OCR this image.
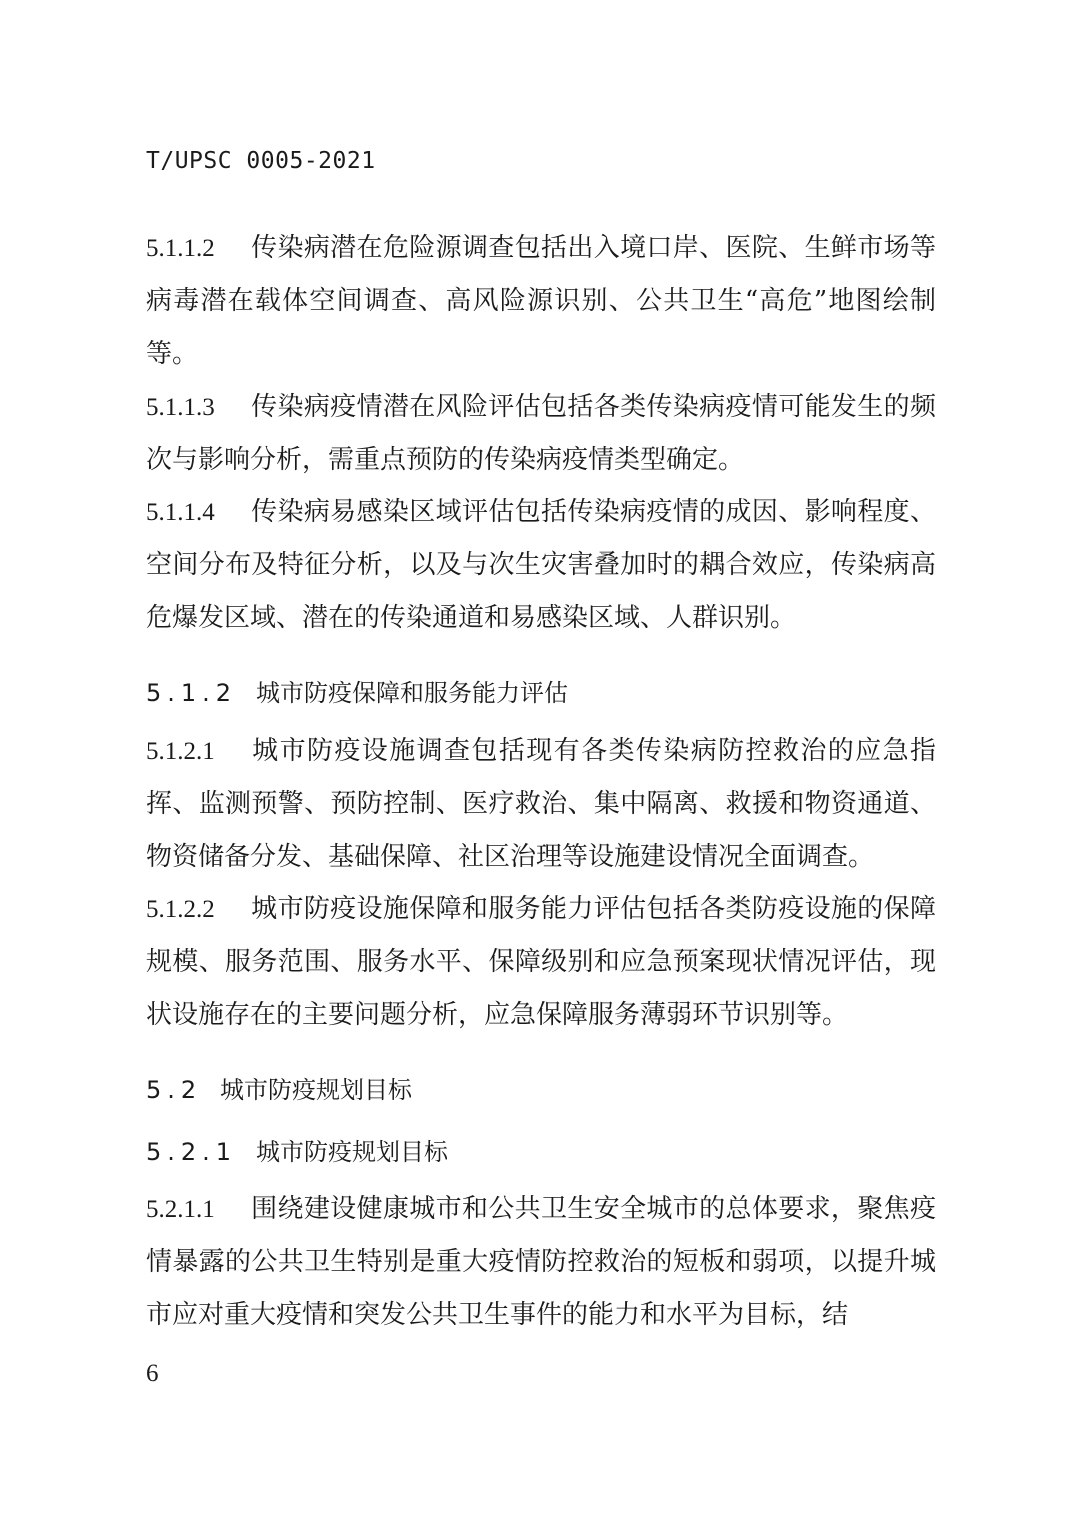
T/UPSC 0005-2021
5.1.1.2 传染病潜在危险源调查包括出入境口岸、医院、生鲜市场等病毒潜在载体空间调查、高风险源识别、公共卫生“高危”地图绘制等。
5.1.1.3 传染病疫情潜在风险评估包括各类传染病疫情可能发生的频次与影响分析，需重点预防的传染病疫情类型确定。
5.1.1.4 传染病易感染区域评估包括传染病疫情的成因、影响程度、空间分布及特征分析，以及与次生灾害叠加时的耦合效应，传染病高危爆发区域、潜在的传染通道和易感染区域、人群识别。
5.1.2 城市防疫保障和服务能力评估
5.1.2.1 城市防疫设施调查包括现有各类传染病防控救治的应急指挥、监测预警、预防控制、医疗救治、集中隔离、救援和物资通道、物资储备分发、基础保障、社区治理等设施建设情况全面调查。
5.1.2.2 城市防疫设施保障和服务能力评估包括各类防疫设施的保障规模、服务范围、服务水平、保障级别和应急预案现状情况评估，现状设施存在的主要问题分析，应急保障服务薄弱环节识别等。
5.2 城市防疫规划目标
5.2.1 城市防疫规划目标
5.2.1.1 围绕建设健康城市和公共卫生安全城市的总体要求，聚焦疫情暴露的公共卫生特别是重大疫情防控救治的短板和弱项，以提升城市应对重大疫情和突发公共卫生事件的能力和水平为目标，结
6
